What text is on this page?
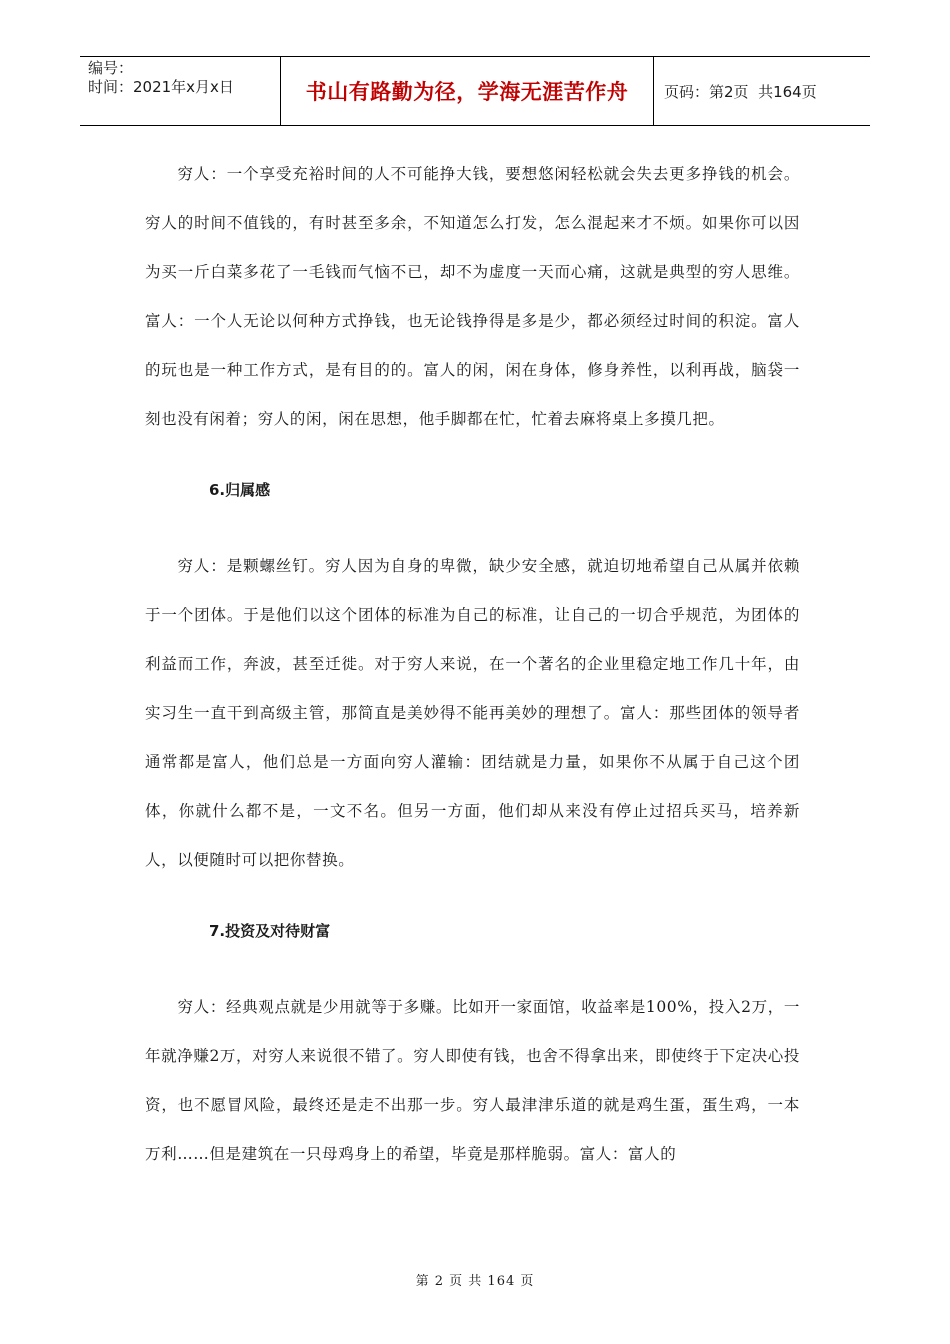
编号：
时间：2021年x月x日	书山有路勤为径，学海无涯苦作舟	页码：第2页  共164页

穷人：一个享受充裕时间的人不可能挣大钱，要想悠闲轻松就会失去更多挣钱的机会。穷人的时间不值钱的，有时甚至多余，不知道怎么打发，怎么混起来才不烦。如果你可以因为买一斤白菜多花了一毛钱而气恼不已，却不为虚度一天而心痛，这就是典型的穷人思维。富人：一个人无论以何种方式挣钱，也无论钱挣得是多是少，都必须经过时间的积淀。富人的玩也是一种工作方式，是有目的的。富人的闲，闲在身体，修身养性，以利再战，脑袋一刻也没有闲着；穷人的闲，闲在思想，他手脚都在忙，忙着去麻将桌上多摸几把。

6.归属感

穷人：是颗螺丝钉。穷人因为自身的卑微，缺少安全感，就迫切地希望自己从属并依赖于一个团体。于是他们以这个团体的标准为自己的标准，让自己的一切合乎规范，为团体的利益而工作，奔波，甚至迁徙。对于穷人来说，在一个著名的企业里稳定地工作几十年，由实习生一直干到高级主管，那简直是美妙得不能再美妙的理想了。富人：那些团体的领导者通常都是富人，他们总是一方面向穷人灌输：团结就是力量，如果你不从属于自己这个团体，你就什么都不是，一文不名。但另一方面，他们却从来没有停止过招兵买马，培养新人，以便随时可以把你替换。

7.投资及对待财富

穷人：经典观点就是少用就等于多赚。比如开一家面馆，收益率是100%，投入2万，一年就净赚2万，对穷人来说很不错了。穷人即使有钱，也舍不得拿出来，即使终于下定决心投资，也不愿冒风险，最终还是走不出那一步。穷人最津津乐道的就是鸡生蛋，蛋生鸡，一本万利……但是建筑在一只母鸡身上的希望，毕竟是那样脆弱。富人：富人的

第 2 页 共 164 页
